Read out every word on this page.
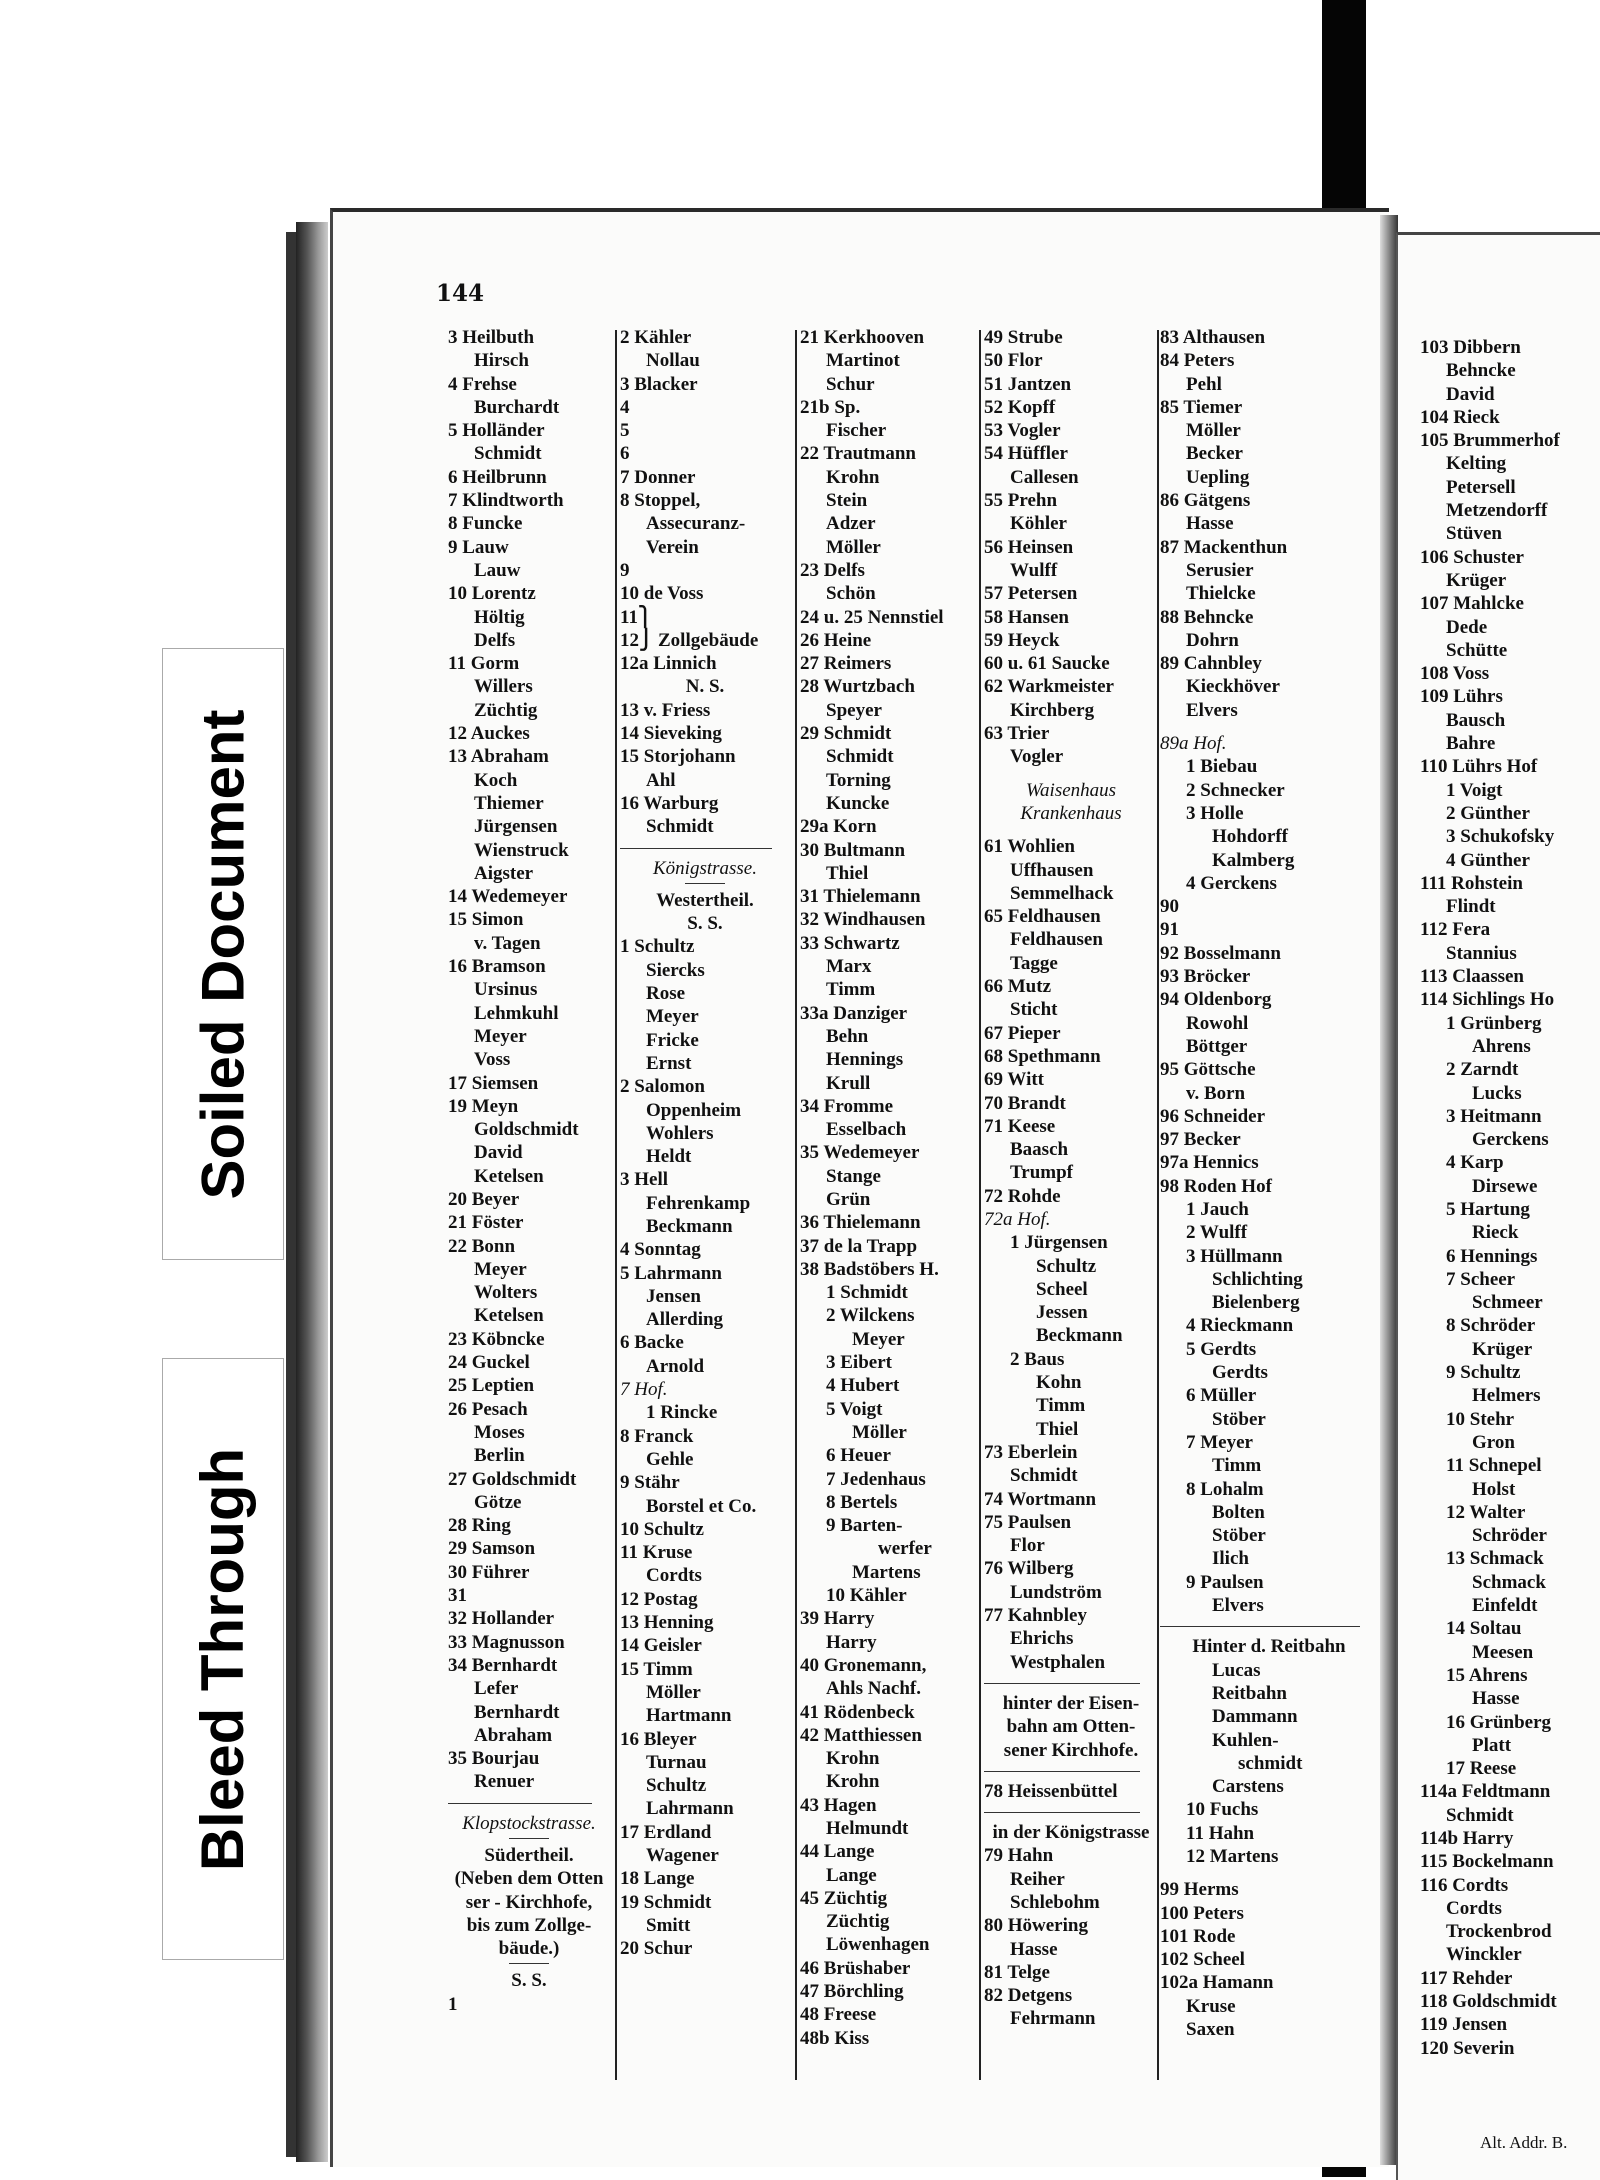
144
3 Heilbuth
Hirsch
4 Frehse
Burchardt
5 Holländer
Schmidt
6 Heilbrunn
7 Klindtworth
8 Funcke
9 Lauw
Lauw
10 Lorentz
Höltig
Delfs
11 Gorm
Willers
Züchtig
12 Auckes
13 Abraham
Koch
Thiemer
Jürgensen
Wienstruck
Aigster
14 Wedemeyer
15 Simon
v. Tagen
16 Bramson
Ursinus
Lehmkuhl
Meyer
Voss
17 Siemsen
19 Meyn
Goldschmidt
David
Ketelsen
20 Beyer
21 Föster
22 Bonn
Meyer
Wolters
Ketelsen
23 Köbncke
24 Guckel
25 Leptien
26 Pesach
Moses
Berlin
27 Goldschmidt
Götze
28 Ring
29 Samson
30 Führer
31
32 Hollander
33 Magnusson
34 Bernhardt
Lefer
Bernhardt
Abraham
35 Bourjau
Renuer
Klopstockstrasse.
Südertheil.
(Neben dem Otten
ser - Kirchhofe,
bis zum Zollge-
bäude.)
S. S.
1
2 Kähler
Nollau
3 Blacker
4
5
6
7 Donner
8 Stoppel,
Assecuranz-
Verein
9
10 de Voss
11⎫
12⎭ Zollgebäude
12a Linnich
N. S.
13 v. Friess
14 Sieveking
15 Storjohann
Ahl
16 Warburg
Schmidt
Königstrasse.
Westertheil.
S. S.
1 Schultz
Siercks
Rose
Meyer
Fricke
Ernst
2 Salomon
Oppenheim
Wohlers
Heldt
3 Hell
Fehrenkamp
Beckmann
4 Sonntag
5 Lahrmann
Jensen
Allerding
6 Backe
Arnold
7 Hof.
1 Rincke
8 Franck
Gehle
9 Stähr
Borstel et Co.
10 Schultz
11 Kruse
Cordts
12 Postag
13 Henning
14 Geisler
15 Timm
Möller
Hartmann
16 Bleyer
Turnau
Schultz
Lahrmann
17 Erdland
Wagener
18 Lange
19 Schmidt
Smitt
20 Schur
21 Kerkhooven
Martinot
Schur
21b Sp.
Fischer
22 Trautmann
Krohn
Stein
Adzer
Möller
23 Delfs
Schön
24 u. 25 Nennstiel
26 Heine
27 Reimers
28 Wurtzbach
Speyer
29 Schmidt
Schmidt
Torning
Kuncke
29a Korn
30 Bultmann
Thiel
31 Thielemann
32 Windhausen
33 Schwartz
Marx
Timm
33a Danziger
Behn
Hennings
Krull
34 Fromme
Esselbach
35 Wedemeyer
Stange
Grün
36 Thielemann
37 de la Trapp
38 Badstöbers H.
1 Schmidt
2 Wilckens
Meyer
3 Eibert
4 Hubert
5 Voigt
Möller
6 Heuer
7 Jedenhaus
8 Bertels
9 Barten-
werfer
Martens
10 Kähler
39 Harry
Harry
40 Gronemann,
Ahls Nachf.
41 Rödenbeck
42 Matthiessen
Krohn
Krohn
43 Hagen
Helmundt
44 Lange
Lange
45 Züchtig
Züchtig
Löwenhagen
46 Brüshaber
47 Börchling
48 Freese
48b Kiss
49 Strube
50 Flor
51 Jantzen
52 Kopff
53 Vogler
54 Hüffler
Callesen
55 Prehn
Köhler
56 Heinsen
Wulff
57 Petersen
58 Hansen
59 Heyck
60 u. 61 Saucke
62 Warkmeister
Kirchberg
63 Trier
Vogler
Waisenhaus
Krankenhaus
61 Wohlien
Uffhausen
Semmelhack
65 Feldhausen
Feldhausen
Tagge
66 Mutz
Sticht
67 Pieper
68 Spethmann
69 Witt
70 Brandt
71 Keese
Baasch
Trumpf
72 Rohde
72a Hof.
1 Jürgensen
Schultz
Scheel
Jessen
Beckmann
2 Baus
Kohn
Timm
Thiel
73 Eberlein
Schmidt
74 Wortmann
75 Paulsen
Flor
76 Wilberg
Lundström
77 Kahnbley
Ehrichs
Westphalen
hinter der Eisen-
bahn am Otten-
sener Kirchhofe.
78 Heissenbüttel
in der Königstrasse
79 Hahn
Reiher
Schlebohm
80 Höwering
Hasse
81 Telge
82 Detgens
Fehrmann
83 Althausen
84 Peters
Pehl
85 Tiemer
Möller
Becker
Uepling
86 Gätgens
Hasse
87 Mackenthun
Serusier
Thielcke
88 Behncke
Dohrn
89 Cahnbley
Kieckhöver
Elvers
89a Hof.
1 Biebau
2 Schnecker
3 Holle
Hohdorff
Kalmberg
4 Gerckens
90
91
92 Bosselmann
93 Bröcker
94 Oldenborg
Rowohl
Böttger
95 Göttsche
v. Born
96 Schneider
97 Becker
97a Hennics
98 Roden Hof
1 Jauch
2 Wulff
3 Hüllmann
Schlichting
Bielenberg
4 Rieckmann
5 Gerdts
Gerdts
6 Müller
Stöber
7 Meyer
Timm
8 Lohalm
Bolten
Stöber
Ilich
9 Paulsen
Elvers
Hinter d. Reitbahn
Lucas
Reitbahn
Dammann
Kuhlen-
schmidt
Carstens
10 Fuchs
11 Hahn
12 Martens
99 Herms
100 Peters
101 Rode
102 Scheel
102a Hamann
Kruse
Saxen
103 Dibbern
Behncke
David
104 Rieck
105 Brummerhof
Kelting
Petersell
Metzendorff
Stüven
106 Schuster
Krüger
107 Mahlcke
Dede
Schütte
108 Voss
109 Lührs
Bausch
Bahre
110 Lührs Hof
1 Voigt
2 Günther
3 Schukofsky
4 Günther
111 Rohstein
Flindt
112 Fera
Stannius
113 Claassen
114 Sichlings Ho
1 Grünberg
Ahrens
2 Zarndt
Lucks
3 Heitmann
Gerckens
4 Karp
Dirsewe
5 Hartung
Rieck
6 Hennings
7 Scheer
Schmeer
8 Schröder
Krüger
9 Schultz
Helmers
10 Stehr
Gron
11 Schnepel
Holst
12 Walter
Schröder
13 Schmack
Schmack
Einfeldt
14 Soltau
Meesen
15 Ahrens
Hasse
16 Grünberg
Platt
17 Reese
114a Feldtmann
Schmidt
114b Harry
115 Bockelmann
116 Cordts
Cordts
Trockenbrod
Winckler
117 Rehder
118 Goldschmidt
119 Jensen
120 Severin
Soiled Document
Bleed Through
Alt. Addr. B.
